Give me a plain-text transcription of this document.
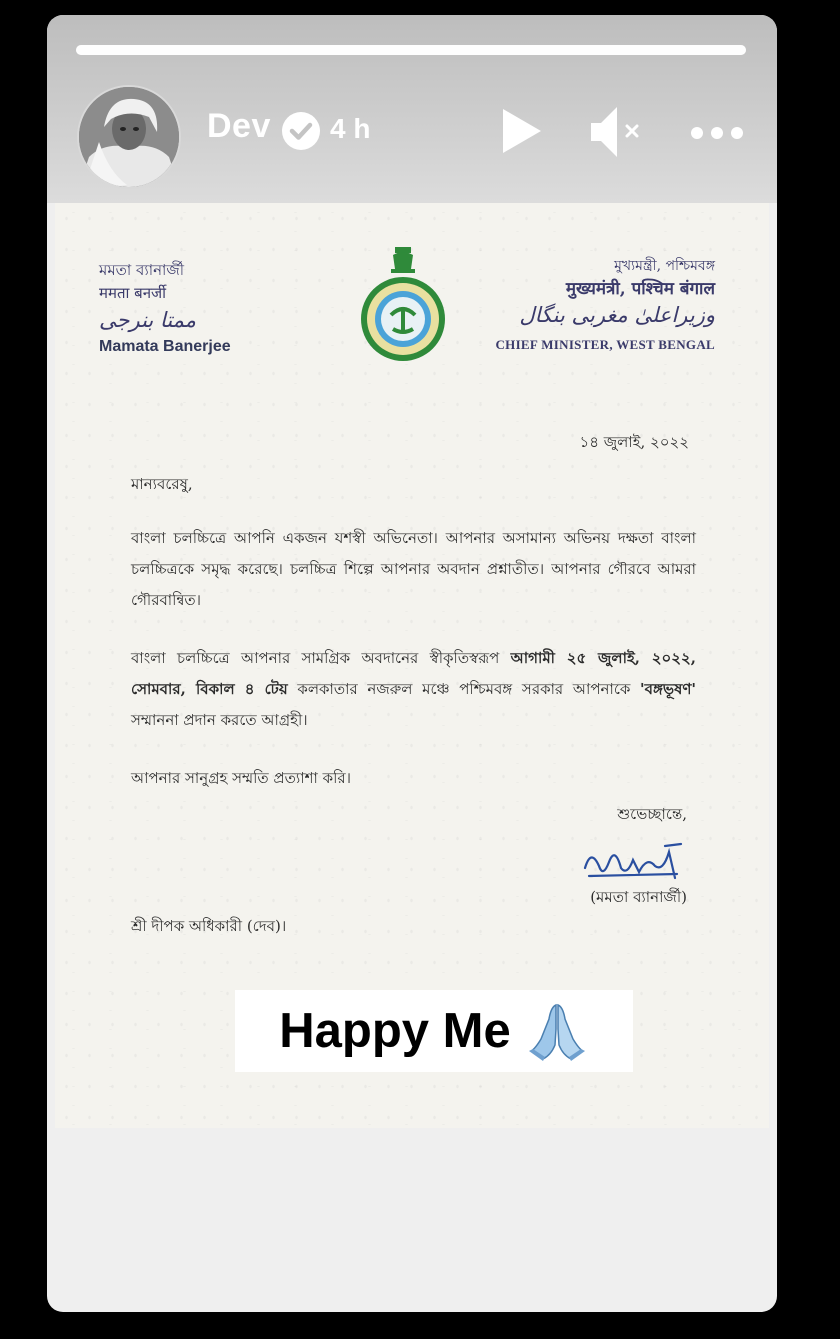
Dev 4 h
মমতা ব্যানার্জী
ममता बनर्जी
ممتا بنرجی
Mamata Banerjee
মুখ্যমন্ত্রী, পশ্চিমবঙ্গ
मुख्यमंत्री, पश्चिम बंगाल
وزیراعلیٰ مغربی بنگال
CHIEF MINISTER, WEST BENGAL
১৪ জুলাই, ২০২২
মান্যবরেষু,
বাংলা চলচ্চিত্রে আপনি একজন যশস্বী অভিনেতা। আপনার অসামান্য অভিনয় দক্ষতা বাংলা চলচ্চিত্রকে সমৃদ্ধ করেছে। চলচ্চিত্র শিল্পে আপনার অবদান প্রশ্নাতীত। আপনার গৌরবে আমরা গৌরবান্বিত।
বাংলা চলচ্চিত্রে আপনার সামগ্রিক অবদানের স্বীকৃতিস্বরূপ আগামী ২৫ জুলাই, ২০২২, সোমবার, বিকাল ৪ টেয় কলকাতার নজরুল মঞ্চে পশ্চিমবঙ্গ সরকার আপনাকে 'বঙ্গভূষণ' সম্মাননা প্রদান করতে আগ্রহী।
আপনার সানুগ্রহ সম্মতি প্রত্যাশা করি।
শুভেচ্ছান্তে,
(মমতা ব্যানার্জী)
শ্রী দীপক অধিকারী (দেব)।
Happy Me
